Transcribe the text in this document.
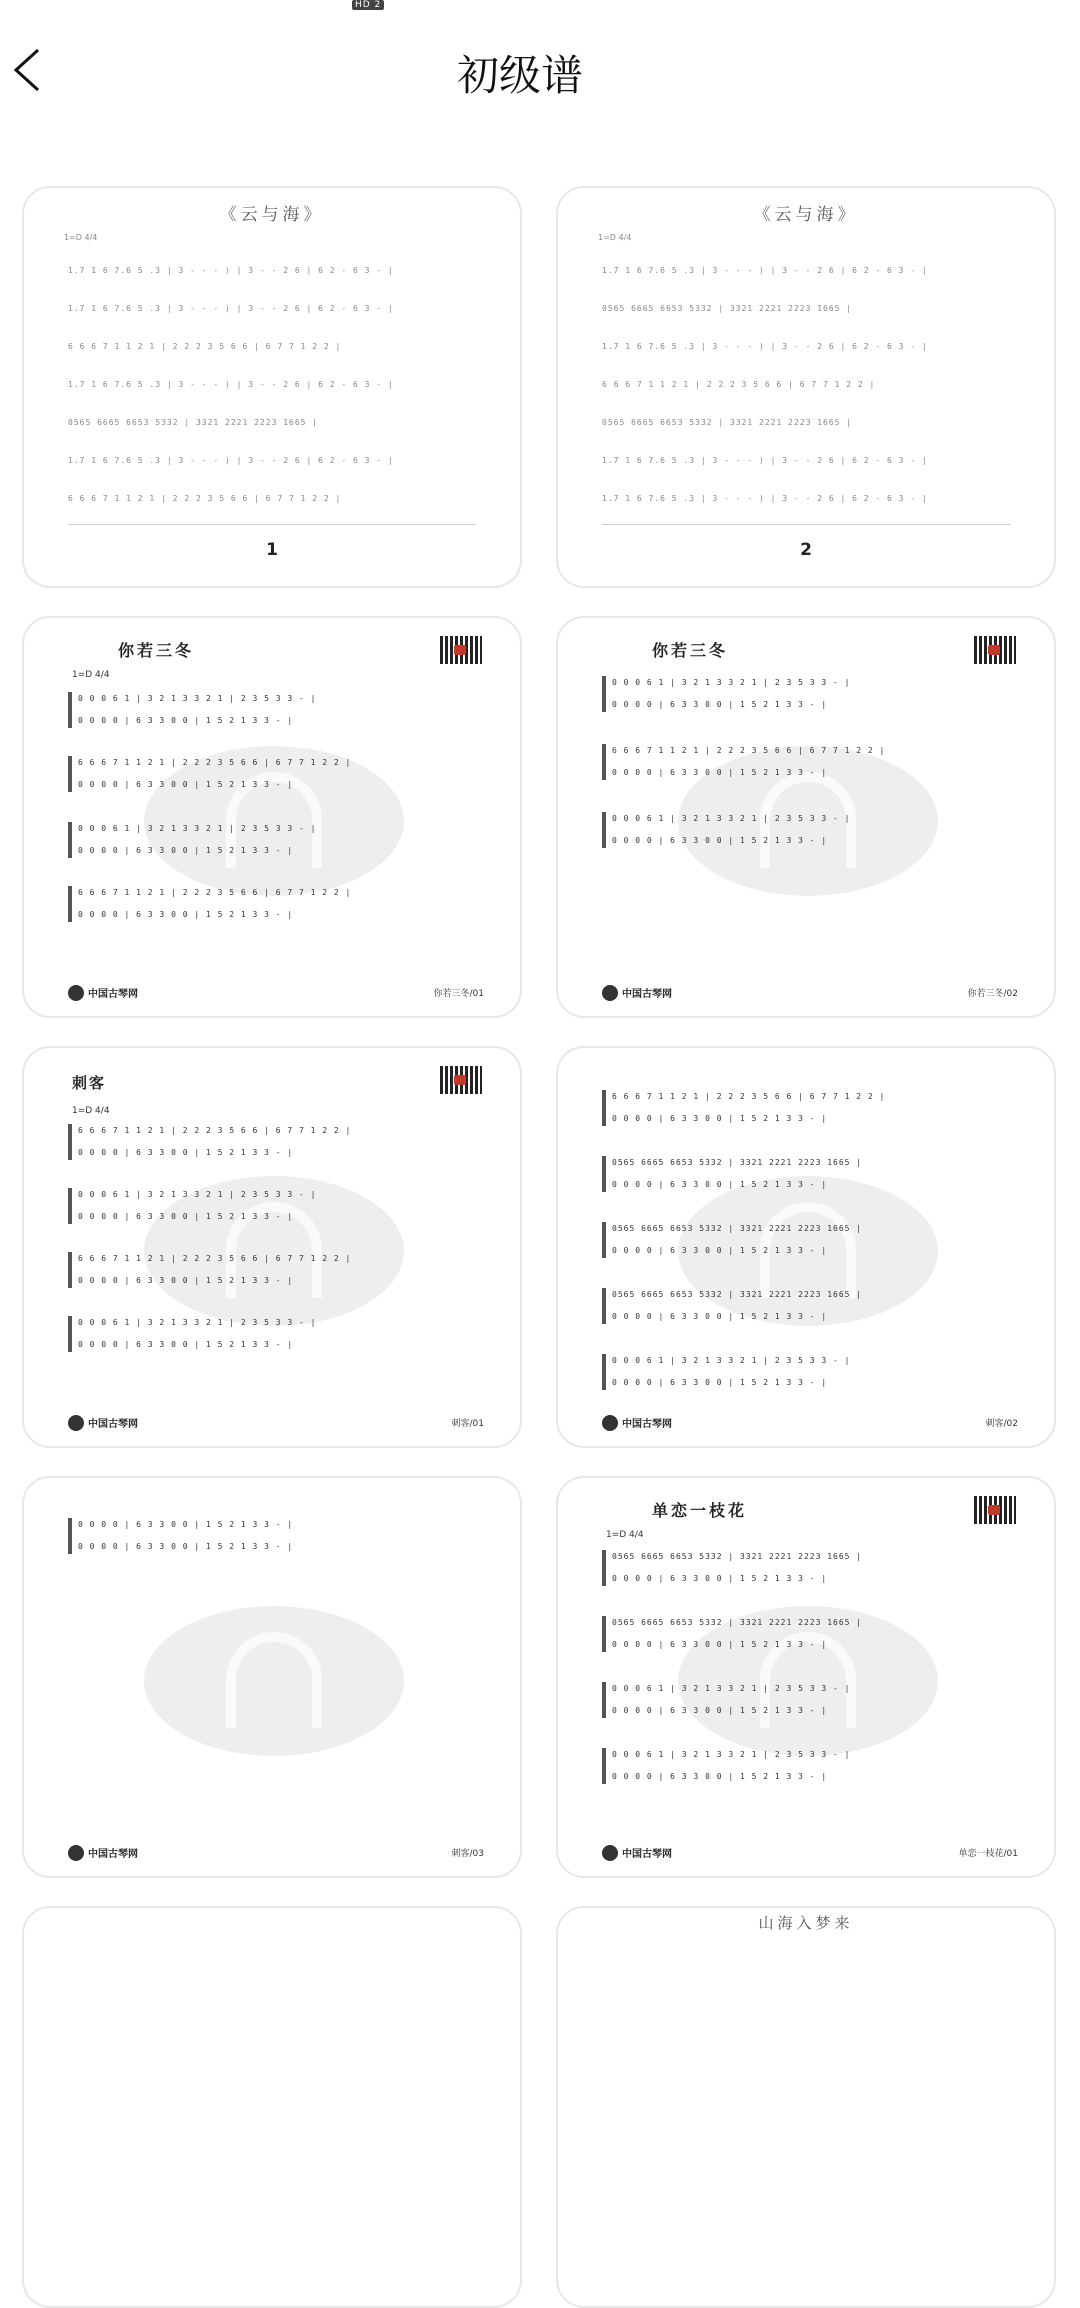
HD 2
初级谱
《云与海》
1=D 4/4
1.7 1 6 7.6 5 .3 | 3 - - - ) | 3 - - 2 6 | 6 2 - 6 3 - |
1.7 1 6 7.6 5 .3 | 3 - - - ) | 3 - - 2 6 | 6 2 - 6 3 - |
6 6 6 7 1 1 2 1 | 2 2 2 3 5 6 6 | 6 7 7 1 2 2 |
1.7 1 6 7.6 5 .3 | 3 - - - ) | 3 - - 2 6 | 6 2 - 6 3 - |
0565 6665 6653 5332 | 3321 2221 2223 1665 |
1.7 1 6 7.6 5 .3 | 3 - - - ) | 3 - - 2 6 | 6 2 - 6 3 - |
6 6 6 7 1 1 2 1 | 2 2 2 3 5 6 6 | 6 7 7 1 2 2 |
1
《云与海》
1=D 4/4
1.7 1 6 7.6 5 .3 | 3 - - - ) | 3 - - 2 6 | 6 2 - 6 3 - |
0565 6665 6653 5332 | 3321 2221 2223 1665 |
1.7 1 6 7.6 5 .3 | 3 - - - ) | 3 - - 2 6 | 6 2 - 6 3 - |
6 6 6 7 1 1 2 1 | 2 2 2 3 5 6 6 | 6 7 7 1 2 2 |
0565 6665 6653 5332 | 3321 2221 2223 1665 |
1.7 1 6 7.6 5 .3 | 3 - - - ) | 3 - - 2 6 | 6 2 - 6 3 - |
1.7 1 6 7.6 5 .3 | 3 - - - ) | 3 - - 2 6 | 6 2 - 6 3 - |
2
你若三冬
1=D 4/4
0 0 0 6 1 | 3 2 1 3 3 2 1 | 2 3 5 3 3 - |
0 0 0 0 | 6 3 3 0 0 | 1 5 2 1 3 3 - |
6 6 6 7 1 1 2 1 | 2 2 2 3 5 6 6 | 6 7 7 1 2 2 |
0 0 0 0 | 6 3 3 0 0 | 1 5 2 1 3 3 - |
0 0 0 6 1 | 3 2 1 3 3 2 1 | 2 3 5 3 3 - |
0 0 0 0 | 6 3 3 0 0 | 1 5 2 1 3 3 - |
6 6 6 7 1 1 2 1 | 2 2 2 3 5 6 6 | 6 7 7 1 2 2 |
0 0 0 0 | 6 3 3 0 0 | 1 5 2 1 3 3 - |
中国古琴网	你若三冬/01
你若三冬
0 0 0 6 1 | 3 2 1 3 3 2 1 | 2 3 5 3 3 - |
0 0 0 0 | 6 3 3 0 0 | 1 5 2 1 3 3 - |
6 6 6 7 1 1 2 1 | 2 2 2 3 5 6 6 | 6 7 7 1 2 2 |
0 0 0 0 | 6 3 3 0 0 | 1 5 2 1 3 3 - |
0 0 0 6 1 | 3 2 1 3 3 2 1 | 2 3 5 3 3 - |
0 0 0 0 | 6 3 3 0 0 | 1 5 2 1 3 3 - |
中国古琴网	你若三冬/02
刺客
1=D 4/4
6 6 6 7 1 1 2 1 | 2 2 2 3 5 6 6 | 6 7 7 1 2 2 |
0 0 0 0 | 6 3 3 0 0 | 1 5 2 1 3 3 - |
0 0 0 6 1 | 3 2 1 3 3 2 1 | 2 3 5 3 3 - |
0 0 0 0 | 6 3 3 0 0 | 1 5 2 1 3 3 - |
6 6 6 7 1 1 2 1 | 2 2 2 3 5 6 6 | 6 7 7 1 2 2 |
0 0 0 0 | 6 3 3 0 0 | 1 5 2 1 3 3 - |
0 0 0 6 1 | 3 2 1 3 3 2 1 | 2 3 5 3 3 - |
0 0 0 0 | 6 3 3 0 0 | 1 5 2 1 3 3 - |
中国古琴网	刺客/01
6 6 6 7 1 1 2 1 | 2 2 2 3 5 6 6 | 6 7 7 1 2 2 |
0 0 0 0 | 6 3 3 0 0 | 1 5 2 1 3 3 - |
0565 6665 6653 5332 | 3321 2221 2223 1665 |
0 0 0 0 | 6 3 3 0 0 | 1 5 2 1 3 3 - |
0565 6665 6653 5332 | 3321 2221 2223 1665 |
0 0 0 0 | 6 3 3 0 0 | 1 5 2 1 3 3 - |
0565 6665 6653 5332 | 3321 2221 2223 1665 |
0 0 0 0 | 6 3 3 0 0 | 1 5 2 1 3 3 - |
0 0 0 6 1 | 3 2 1 3 3 2 1 | 2 3 5 3 3 - |
0 0 0 0 | 6 3 3 0 0 | 1 5 2 1 3 3 - |
中国古琴网	刺客/02
0 0 0 0 | 6 3 3 0 0 | 1 5 2 1 3 3 - |
0 0 0 0 | 6 3 3 0 0 | 1 5 2 1 3 3 - |
中国古琴网	刺客/03
单恋一枝花
1=D 4/4
0565 6665 6653 5332 | 3321 2221 2223 1665 |
0 0 0 0 | 6 3 3 0 0 | 1 5 2 1 3 3 - |
0565 6665 6653 5332 | 3321 2221 2223 1665 |
0 0 0 0 | 6 3 3 0 0 | 1 5 2 1 3 3 - |
0 0 0 6 1 | 3 2 1 3 3 2 1 | 2 3 5 3 3 - |
0 0 0 0 | 6 3 3 0 0 | 1 5 2 1 3 3 - |
0 0 0 6 1 | 3 2 1 3 3 2 1 | 2 3 5 3 3 - |
0 0 0 0 | 6 3 3 0 0 | 1 5 2 1 3 3 - |
中国古琴网	单恋一枝花/01
山海入梦来
